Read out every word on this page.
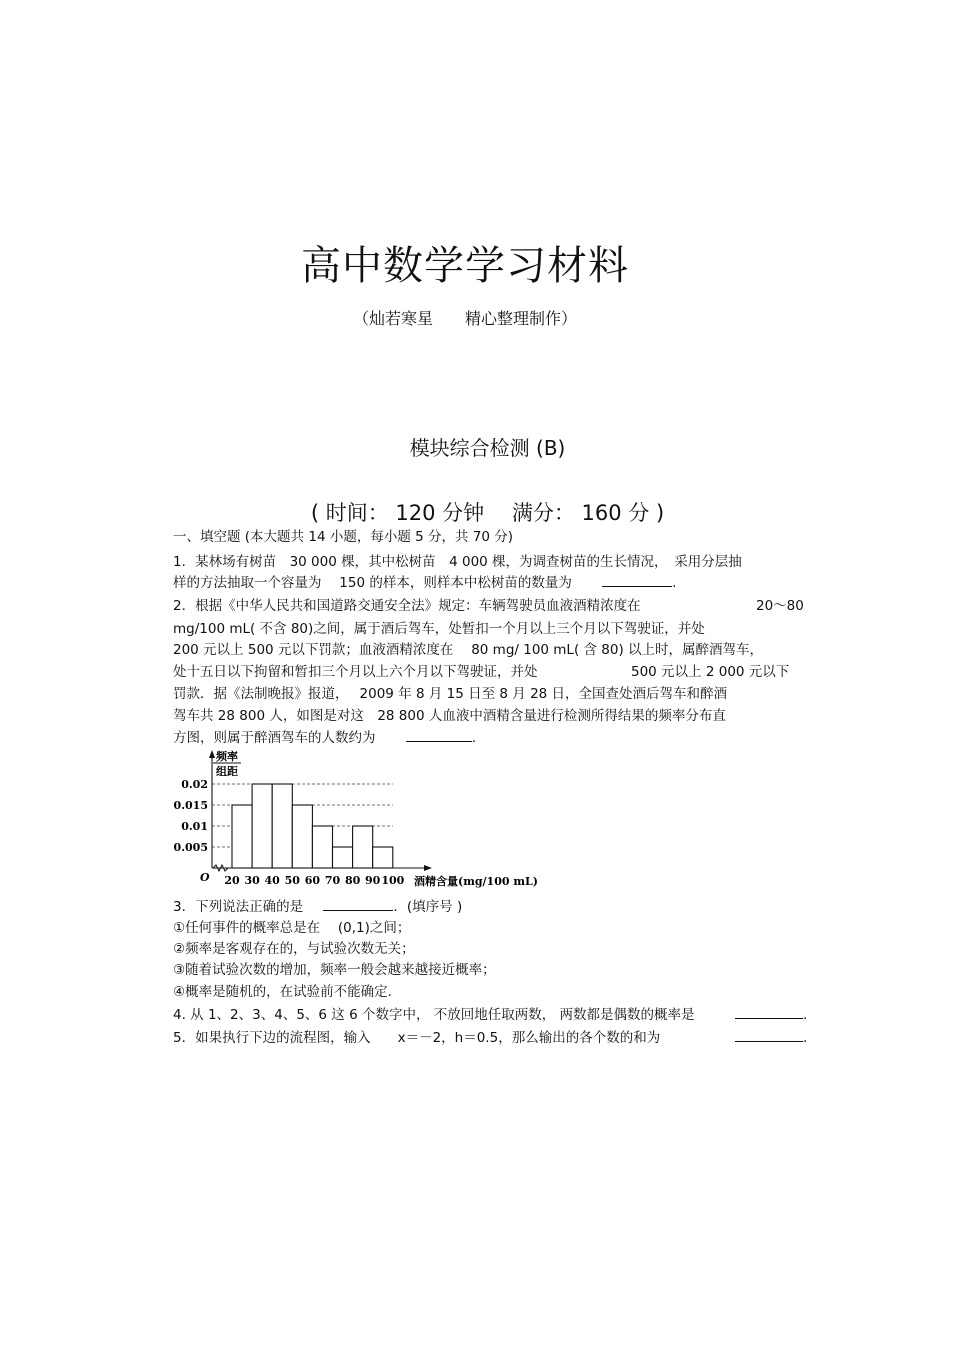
高中数学学习材料
（灿若寒星　　精心整理制作）
模块综合检测 (B)
( 时间： 120 分钟　 满分： 160 分 )
一、填空题 (本大题共 14 小题，每小题 5 分，共 70 分)
1．某林场有树苗　30 000 棵，其中松树苗　4 000 棵，为调查树苗的生长情况，　采用分层抽
样的方法抽取一个容量为　 150 的样本，则样本中松树苗的数量为	.
2．根据《中华人民共和国道路交通安全法》规定：车辆驾驶员血液酒精浓度在	20～80
mg/100 mL( 不含 80)之间，属于酒后驾车，处暂扣一个月以上三个月以下驾驶证，并处
200 元以上 500 元以下罚款；血液酒精浓度在　 80 mg/ 100 mL( 含 80) 以上时，属醉酒驾车，
处十五日以下拘留和暂扣三个月以上六个月以下驾驶证，并处	500 元以上 2 000 元以下
罚款．据《法制晚报》报道，　 2009 年 8 月 15 日至 8 月 28 日，全国查处酒后驾车和醉酒
驾车共 28 800 人，如图是对这　28 800 人血液中酒精含量进行检测所得结果的频率分布直
方图，则属于醉酒驾车的人数约为	.
0.02
0.015
0.01
0.005
20 30 40 50 60 70 80 90 100
O
频率
组距
酒精含量(mg/100 mL)
3．下列说法正确的是	．(填序号 )
①任何事件的概率总是在　 (0,1)之间；
②频率是客观存在的，与试验次数无关；
③随着试验次数的增加，频率一般会越来越接近概率；
④概率是随机的，在试验前不能确定.
4. 从 1、2、3、4、5、6 这 6 个数字中， 不放回地任取两数， 两数都是偶数的概率是	.
5．如果执行下边的流程图，输入　　x＝－2，h＝0.5，那么输出的各个数的和为	.
